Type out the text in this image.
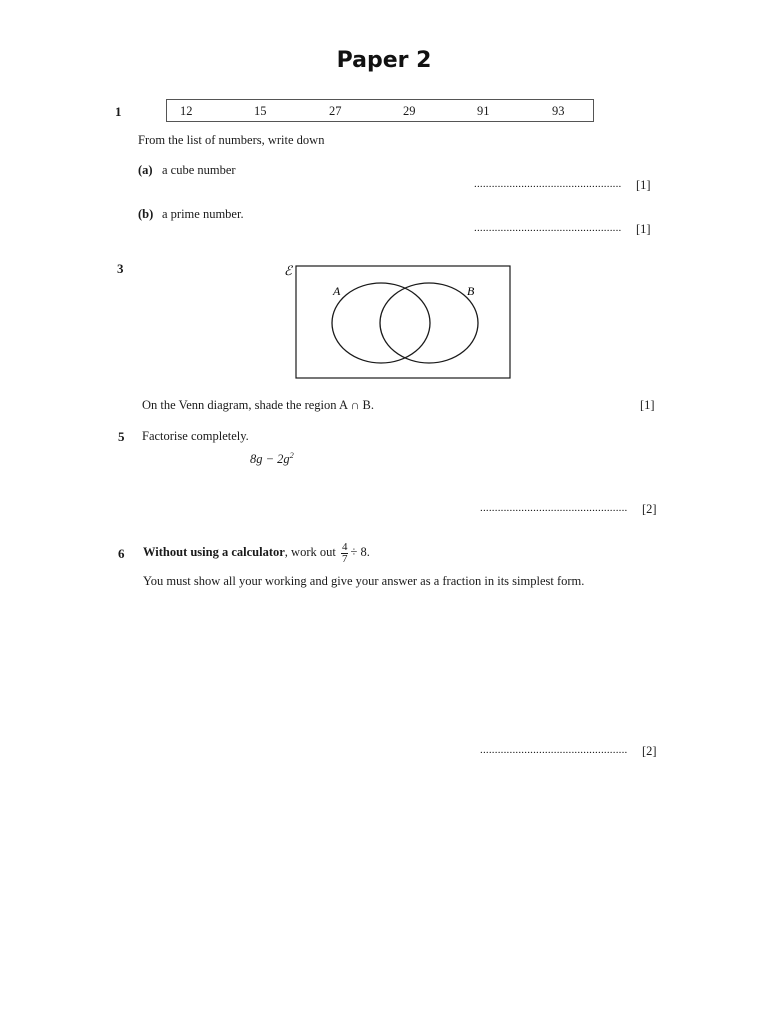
Paper 2
1	12	15	27	29	91	93
From the list of numbers, write down
(a) a cube number
.................................................. [1]
(b) a prime number.
.................................................. [1]
3	ℰ
A	B
On the Venn diagram, shade the region A ∩ B.	[1]
5 Factorise completely.
$8g - 2g^2$
.................................................. [2]
6 Without using a calculator, work out $\frac{4}{7} \div 8$.
You must show all your working and give your answer as a fraction in its simplest form.
.................................................. [2]
